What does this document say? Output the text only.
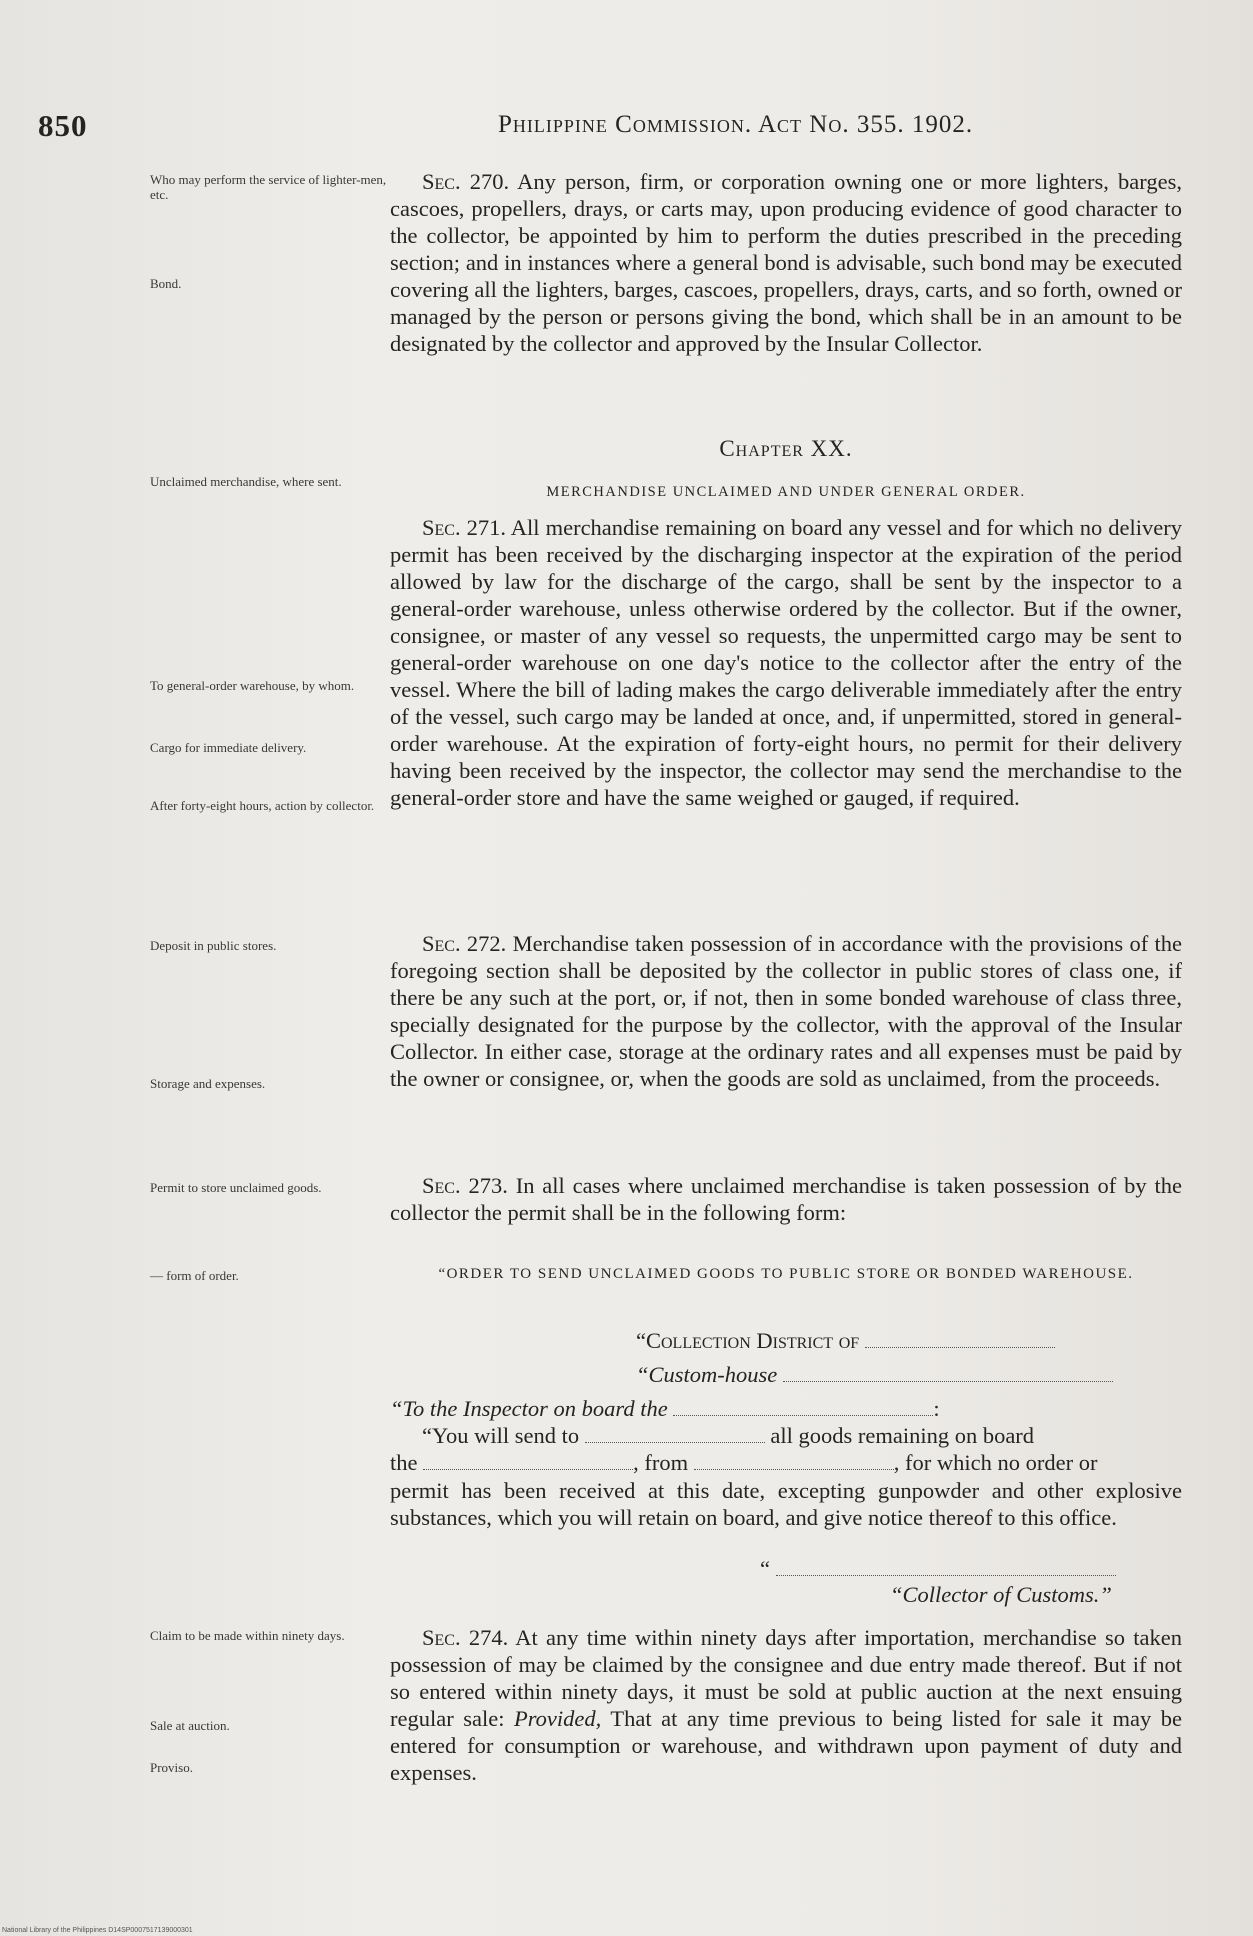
850	Philippine Commission. Act No. 355. 1902.
Who may perform the service of lighter-men, etc.
Bond.
Unclaimed merchandise, where sent.
To general-order warehouse, by whom.
Cargo for immediate delivery.
After forty-eight hours, action by collector.
Deposit in public stores.
Storage and expenses.
Permit to store unclaimed goods.
— form of order.
Claim to be made within ninety days.
Sale at auction.
Proviso.

Sec. 270. Any person, firm, or corporation owning one or more lighters, barges, cascoes, propellers, drays, or carts may, upon producing evidence of good character to the collector, be appointed by him to perform the duties prescribed in the preceding section; and in instances where a general bond is advisable, such bond may be executed covering all the lighters, barges, cascoes, propellers, drays, carts, and so forth, owned or managed by the person or persons giving the bond, which shall be in an amount to be designated by the collector and approved by the Insular Collector.

Chapter XX.
MERCHANDISE UNCLAIMED AND UNDER GENERAL ORDER.

Sec. 271. All merchandise remaining on board any vessel and for which no delivery permit has been received by the discharging inspector at the expiration of the period allowed by law for the discharge of the cargo, shall be sent by the inspector to a general-order warehouse, unless otherwise ordered by the collector. But if the owner, consignee, or master of any vessel so requests, the unpermitted cargo may be sent to general-order warehouse on one day's notice to the collector after the entry of the vessel. Where the bill of lading makes the cargo deliverable immediately after the entry of the vessel, such cargo may be landed at once, and, if unpermitted, stored in general-order warehouse. At the expiration of forty-eight hours, no permit for their delivery having been received by the inspector, the collector may send the merchandise to the general-order store and have the same weighed or gauged, if required.

Sec. 272. Merchandise taken possession of in accordance with the provisions of the foregoing section shall be deposited by the collector in public stores of class one, if there be any such at the port, or, if not, then in some bonded warehouse of class three, specially designated for the purpose by the collector, with the approval of the Insular Collector. In either case, storage at the ordinary rates and all expenses must be paid by the owner or consignee, or, when the goods are sold as unclaimed, from the proceeds.

Sec. 273. In all cases where unclaimed merchandise is taken possession of by the collector the permit shall be in the following form:

“ORDER TO SEND UNCLAIMED GOODS TO PUBLIC STORE OR BONDED WAREHOUSE.
“Collection District of
“Custom-house
“To the Inspector on board the	:
“You will send to	all goods remaining on board
the	, from	, for which no order or

permit has been received at this date, excepting gunpowder and other explosive substances, which you will retain on board, and give notice thereof to this office.

“
“Collector of Customs.”

Sec. 274. At any time within ninety days after importation, merchandise so taken possession of may be claimed by the consignee and due entry made thereof. But if not so entered within ninety days, it must be sold at public auction at the next ensuing regular sale: Provided, That at any time previous to being listed for sale it may be entered for consumption or warehouse, and withdrawn upon payment of duty and expenses.

National Library of the Philippines D14SP0007517139000301
